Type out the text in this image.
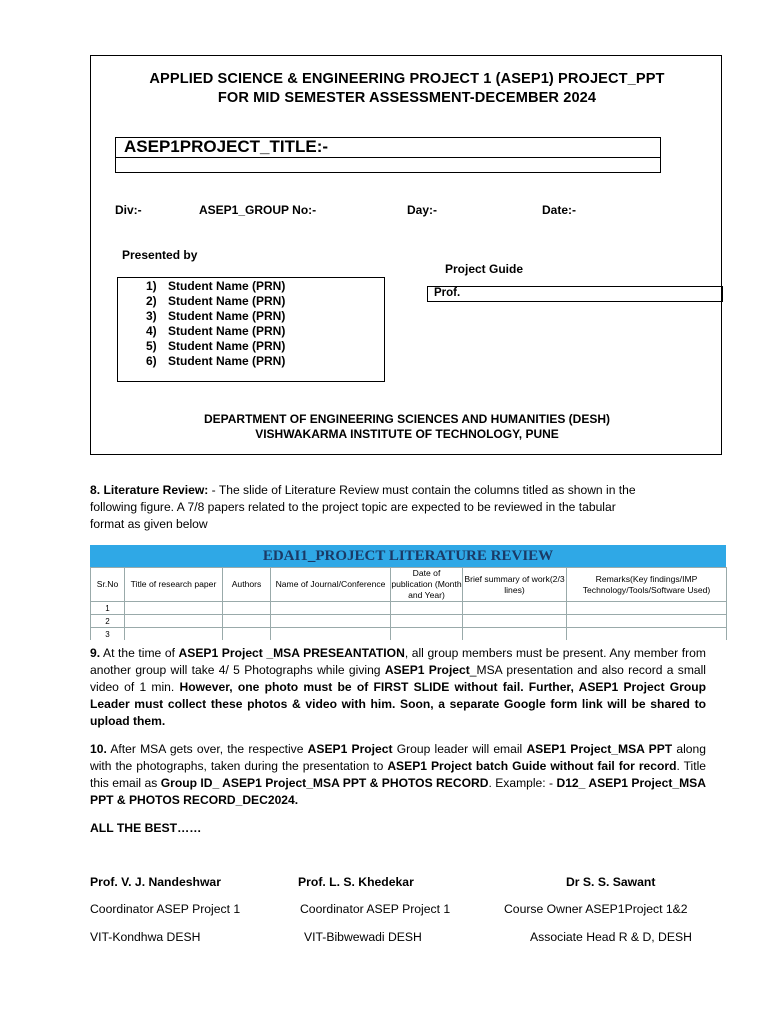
APPLIED SCIENCE & ENGINEERING PROJECT 1 (ASEP1) PROJECT_PPT
FOR MID SEMESTER ASSESSMENT-DECEMBER 2024
ASEP1PROJECT_TITLE:-
Div:-	ASEP1_GROUP No:-	Day:-	Date:-
Presented by
1) Student Name (PRN)
2) Student Name (PRN)
3) Student Name (PRN)
4) Student Name (PRN)
5) Student Name (PRN)
6) Student Name (PRN)
Project Guide
Prof.
DEPARTMENT OF ENGINEERING SCIENCES AND HUMANITIES (DESH)
VISHWAKARMA INSTITUTE OF TECHNOLOGY, PUNE

8. Literature Review: - The slide of Literature Review must contain the columns titled as shown in the

following figure. A 7/8 papers related to the project topic are expected to be reviewed in the tabular

format as given below

EDAI1_PROJECT LITERATURE REVIEW
Sr.No	Title of research paper	Authors	Name of Journal/Conference	Date of publication (Month and Year)	Brief summary of work(2/3 lines)	Remarks(Key findings/IMP Technology/Tools/Software Used)
1						
2						
3						

9. At the time of ASEP1 Project _MSA PRESEANTATION, all group members must be present. Any member from another group will take 4/ 5 Photographs while giving ASEP1 Project_MSA presentation and also record a small video of 1 min. However, one photo must be of FIRST SLIDE without fail. Further, ASEP1 Project Group Leader must collect these photos & video with him. Soon, a separate Google form link will be shared to upload them.

10. After MSA gets over, the respective ASEP1 Project Group leader will email ASEP1 Project_MSA PPT along with the photographs, taken during the presentation to ASEP1 Project batch Guide without fail for record. Title this email as Group ID_ ASEP1 Project_MSA PPT & PHOTOS RECORD. Example: - D12_ ASEP1 Project_MSA PPT & PHOTOS RECORD_DEC2024.

ALL THE BEST……
Prof. V. J. Nandeshwar
Coordinator ASEP Project 1
VIT-Kondhwa DESH
Prof. L. S. Khedekar
Coordinator ASEP Project 1
VIT-Bibwewadi DESH
Dr S. S. Sawant
Course Owner ASEP1Project 1&2
Associate Head R & D, DESH
